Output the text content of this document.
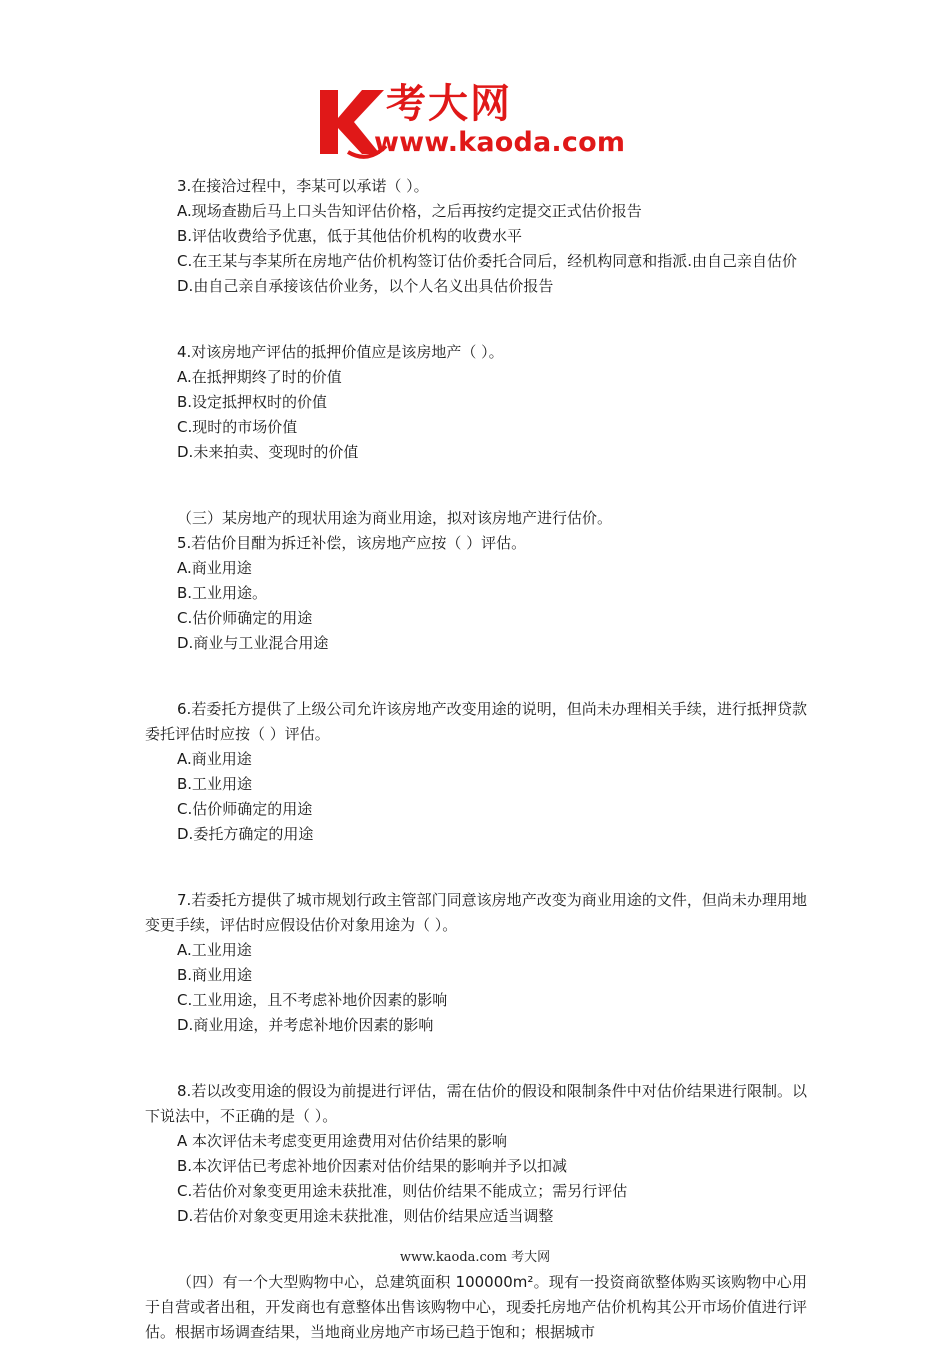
考大网
www.kaoda.com

3.在接洽过程中，李某可以承诺（ ）。

A.现场查勘后马上口头告知评估价格，之后再按约定提交正式估价报告

B.评估收费给予优惠，低于其他估价机构的收费水平

C.在王某与李某所在房地产估价机构签订估价委托合同后，经机构同意和指派.由自己亲自估价

D.由自己亲自承接该估价业务，以个人名义出具估价报告

4.对该房地产评估的抵押价值应是该房地产（ ）。

A.在抵押期终了时的价值

B.设定抵押权时的价值

C.现时的市场价值

D.未来拍卖、变现时的价值

（三）某房地产的现状用途为商业用途，拟对该房地产进行估价。

5.若估价目酣为拆迁补偿，该房地产应按（ ）评估。

A.商业用途

B.工业用途。

C.估价师确定的用途

D.商业与工业混合用途

6.若委托方提供了上级公司允许该房地产改变用途的说明，但尚未办理相关手续，进行抵押贷款委托评估时应按（ ）评估。

A.商业用途

B.工业用途

C.估价师确定的用途

D.委托方确定的用途

7.若委托方提供了城市规划行政主管部门同意该房地产改变为商业用途的文件，但尚未办理用地变更手续，评估时应假设估价对象用途为（ ）。

A.工业用途

B.商业用途

C.工业用途，且不考虑补地价因素的影响

D.商业用途，并考虑补地价因素的影响

8.若以改变用途的假设为前提进行评估，需在估价的假设和限制条件中对估价结果进行限制。以下说法中，不正确的是（ ）。

A 本次评估未考虑变更用途费用对估价结果的影响

B.本次评估已考虑补地价因素对估价结果的影响并予以扣减

C.若估价对象变更用途未获批准，则估价结果不能成立；需另行评估

D.若估价对象变更用途未获批准，则估价结果应适当调整

（四）有一个大型购物中心，总建筑面积 100000m²。现有一投资商欲整体购买该购物中心用于自营或者出租，开发商也有意整体出售该购物中心，现委托房地产估价机构其公开市场价值进行评估。根据市场调查结果，当地商业房地产市场已趋于饱和；根据城市

www.kaoda.com 考大网
